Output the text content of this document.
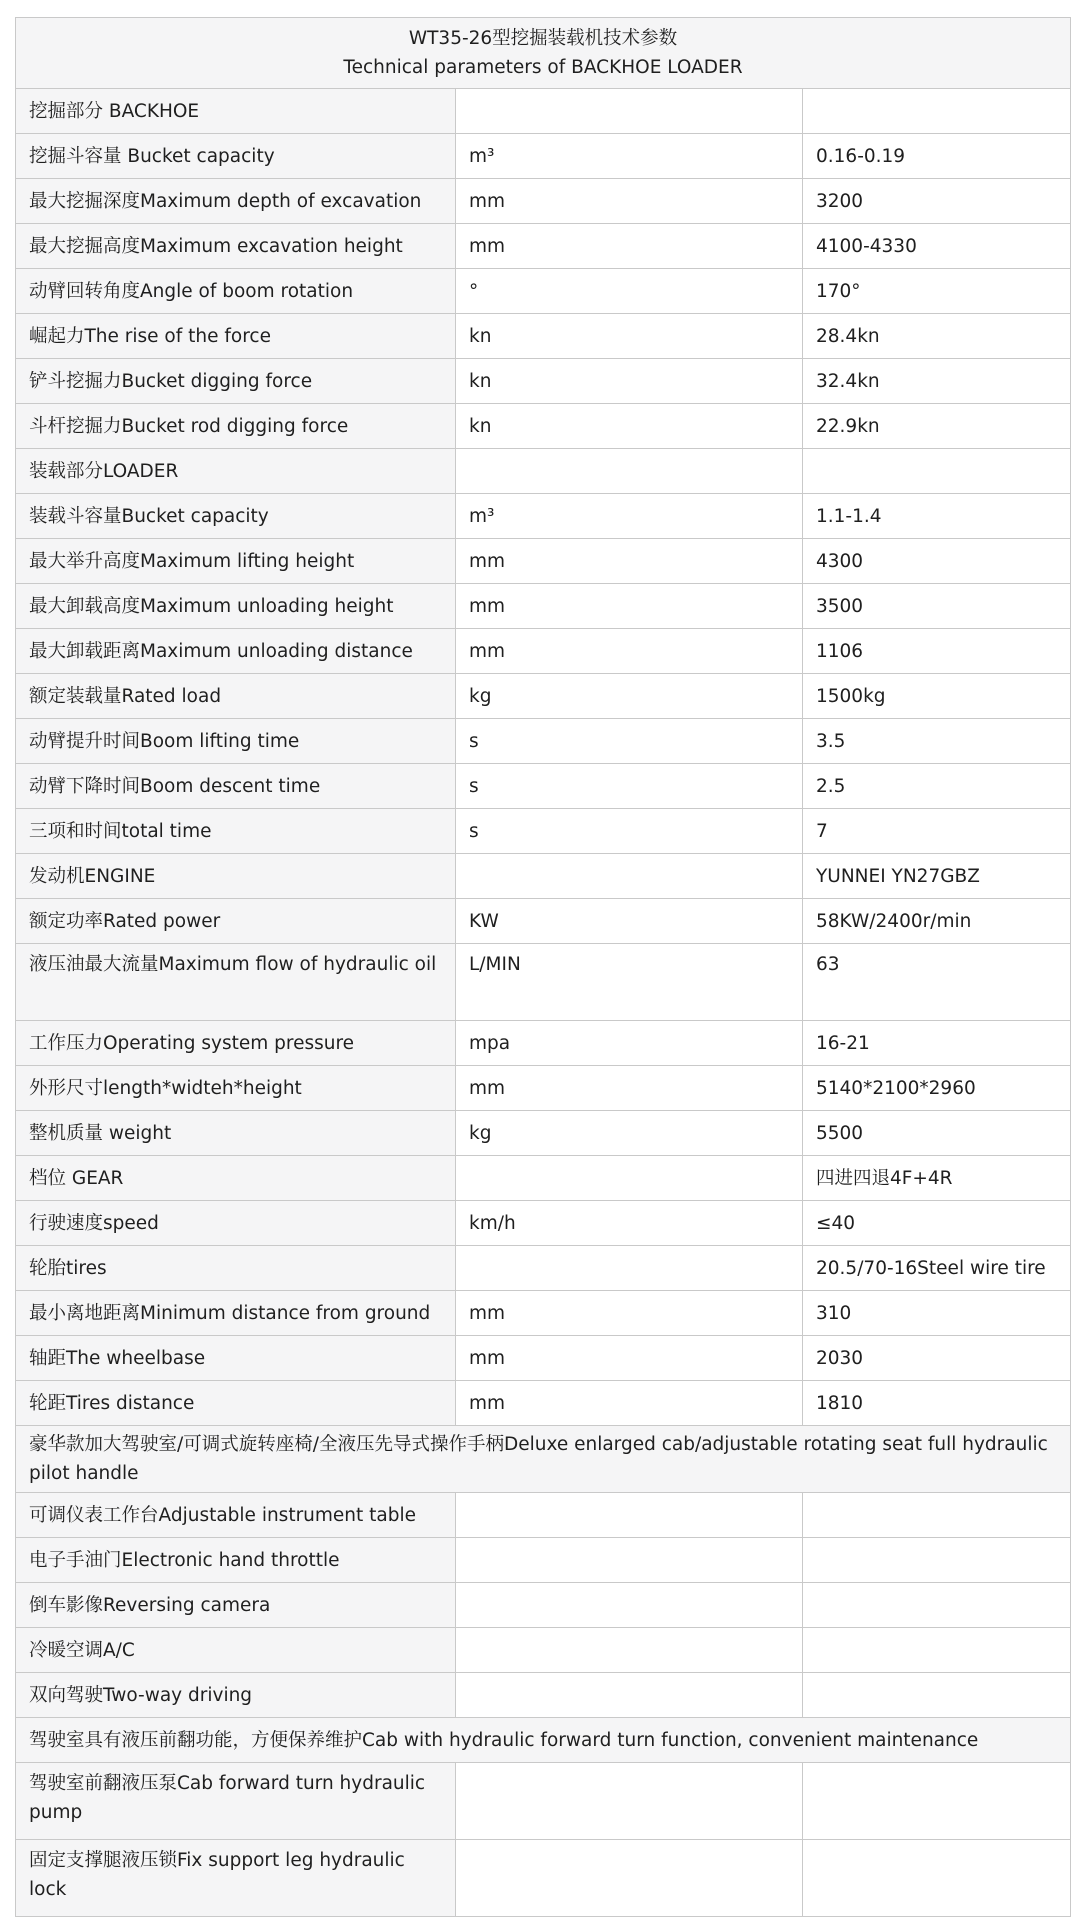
WT35-26型挖掘装载机技术参数
Technical parameters of BACKHOE LOADER		

挖掘部分 BACKHOE		
挖掘斗容量 Bucket capacity	m³	0.16-0.19
最大挖掘深度Maximum depth of excavation	mm	3200
最大挖掘高度Maximum excavation height	mm	4100-4330
动臂回转角度Angle of boom rotation	°	170°
崛起力The rise of the force	kn	28.4kn
铲斗挖掘力Bucket digging force	kn	32.4kn
斗杆挖掘力Bucket rod digging force	kn	22.9kn
装载部分LOADER		
装载斗容量Bucket capacity	m³	1.1-1.4
最大举升高度Maximum lifting height	mm	4300
最大卸载高度Maximum unloading height	mm	3500
最大卸载距离Maximum unloading distance	mm	1106
额定装载量Rated load	kg	1500kg
动臂提升时间Boom lifting time	s	3.5
动臂下降时间Boom descent time	s	2.5
三项和时间total time	s	7
发动机ENGINE		YUNNEI YN27GBZ
额定功率Rated power	KW	58KW/2400r/min
液压油最大流量Maximum flow of hydraulic oil	L/MIN	63
工作压力Operating system pressure	mpa	16-21
外形尺寸length*widteh*height	mm	5140*2100*2960
整机质量 weight	kg	5500
档位 GEAR		四进四退4F+4R
行驶速度speed	km/h	≤40
轮胎tires		20.5/70-16Steel wire tire
最小离地距离Minimum distance from ground	mm	310
轴距The wheelbase	mm	2030
轮距Tires distance	mm	1810
豪华款加大驾驶室/可调式旋转座椅/全液压先导式操作手柄Deluxe enlarged cab/adjustable rotating seat full hydraulic pilot handle		
可调仪表工作台Adjustable instrument table		
电子手油门Electronic hand throttle		
倒车影像Reversing camera		
冷暖空调A/C		
双向驾驶Two-way driving		
驾驶室具有液压前翻功能，方便保养维护Cab with hydraulic forward turn function, convenient maintenance		
驾驶室前翻液压泵Cab forward turn hydraulic pump		
固定支撑腿液压锁Fix support leg hydraulic lock		
